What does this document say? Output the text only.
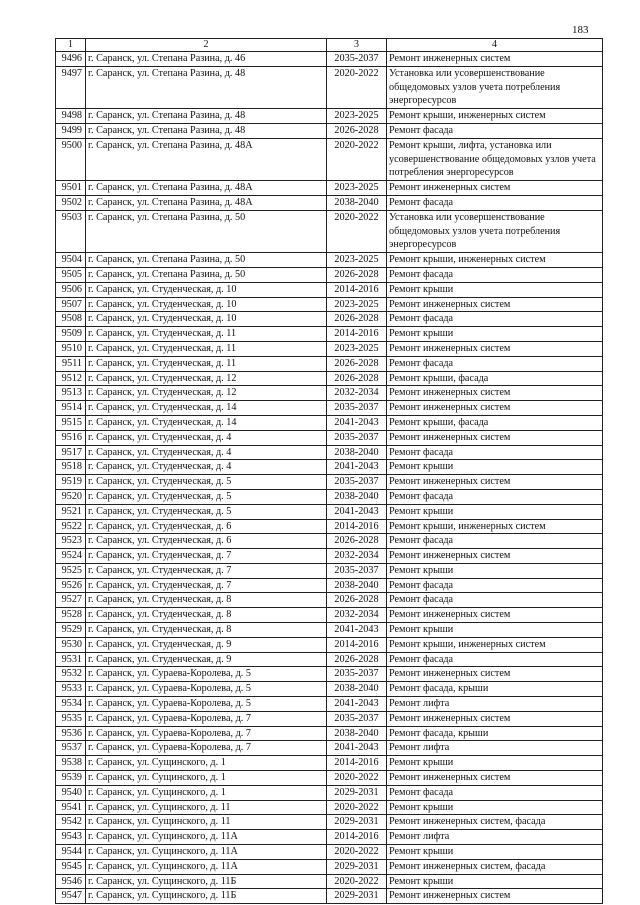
183
1	2	3	4
9496	г. Саранск, ул. Степана Разина, д. 46	2035-2037	Ремонт инженерных систем
9497	г. Саранск, ул. Степана Разина, д. 48	2020-2022	Установка или усовершенствование общедомовых узлов учета потребления энергоресурсов
9498	г. Саранск, ул. Степана Разина, д. 48	2023-2025	Ремонт крыши, инженерных систем
9499	г. Саранск, ул. Степана Разина, д. 48	2026-2028	Ремонт фасада
9500	г. Саранск, ул. Степана Разина, д. 48А	2020-2022	Ремонт крыши, лифта, установка или усовершенствование общедомовых узлов учета потребления энергоресурсов
9501	г. Саранск, ул. Степана Разина, д. 48А	2023-2025	Ремонт инженерных систем
9502	г. Саранск, ул. Степана Разина, д. 48А	2038-2040	Ремонт фасада
9503	г. Саранск, ул. Степана Разина, д. 50	2020-2022	Установка или усовершенствование общедомовых узлов учета потребления энергоресурсов
9504	г. Саранск, ул. Степана Разина, д. 50	2023-2025	Ремонт крыши, инженерных систем
9505	г. Саранск, ул. Степана Разина, д. 50	2026-2028	Ремонт фасада
9506	г. Саранск, ул. Студенческая, д. 10	2014-2016	Ремонт крыши
9507	г. Саранск, ул. Студенческая, д. 10	2023-2025	Ремонт инженерных систем
9508	г. Саранск, ул. Студенческая, д. 10	2026-2028	Ремонт фасада
9509	г. Саранск, ул. Студенческая, д. 11	2014-2016	Ремонт крыши
9510	г. Саранск, ул. Студенческая, д. 11	2023-2025	Ремонт инженерных систем
9511	г. Саранск, ул. Студенческая, д. 11	2026-2028	Ремонт фасада
9512	г. Саранск, ул. Студенческая, д. 12	2026-2028	Ремонт крыши, фасада
9513	г. Саранск, ул. Студенческая, д. 12	2032-2034	Ремонт инженерных систем
9514	г. Саранск, ул. Студенческая, д. 14	2035-2037	Ремонт инженерных систем
9515	г. Саранск, ул. Студенческая, д. 14	2041-2043	Ремонт крыши, фасада
9516	г. Саранск, ул. Студенческая, д. 4	2035-2037	Ремонт инженерных систем
9517	г. Саранск, ул. Студенческая, д. 4	2038-2040	Ремонт фасада
9518	г. Саранск, ул. Студенческая, д. 4	2041-2043	Ремонт крыши
9519	г. Саранск, ул. Студенческая, д. 5	2035-2037	Ремонт инженерных систем
9520	г. Саранск, ул. Студенческая, д. 5	2038-2040	Ремонт фасада
9521	г. Саранск, ул. Студенческая, д. 5	2041-2043	Ремонт крыши
9522	г. Саранск, ул. Студенческая, д. 6	2014-2016	Ремонт крыши, инженерных систем
9523	г. Саранск, ул. Студенческая, д. 6	2026-2028	Ремонт фасада
9524	г. Саранск, ул. Студенческая, д. 7	2032-2034	Ремонт инженерных систем
9525	г. Саранск, ул. Студенческая, д. 7	2035-2037	Ремонт крыши
9526	г. Саранск, ул. Студенческая, д. 7	2038-2040	Ремонт фасада
9527	г. Саранск, ул. Студенческая, д. 8	2026-2028	Ремонт фасада
9528	г. Саранск, ул. Студенческая, д. 8	2032-2034	Ремонт инженерных систем
9529	г. Саранск, ул. Студенческая, д. 8	2041-2043	Ремонт крыши
9530	г. Саранск, ул. Студенческая, д. 9	2014-2016	Ремонт крыши, инженерных систем
9531	г. Саранск, ул. Студенческая, д. 9	2026-2028	Ремонт фасада
9532	г. Саранск, ул. Сураева-Королева, д. 5	2035-2037	Ремонт инженерных систем
9533	г. Саранск, ул. Сураева-Королева, д. 5	2038-2040	Ремонт фасада, крыши
9534	г. Саранск, ул. Сураева-Королева, д. 5	2041-2043	Ремонт лифта
9535	г. Саранск, ул. Сураева-Королева, д. 7	2035-2037	Ремонт инженерных систем
9536	г. Саранск, ул. Сураева-Королева, д. 7	2038-2040	Ремонт фасада, крыши
9537	г. Саранск, ул. Сураева-Королева, д. 7	2041-2043	Ремонт лифта
9538	г. Саранск, ул. Сущинского, д. 1	2014-2016	Ремонт крыши
9539	г. Саранск, ул. Сущинского, д. 1	2020-2022	Ремонт инженерных систем
9540	г. Саранск, ул. Сущинского, д. 1	2029-2031	Ремонт фасада
9541	г. Саранск, ул. Сущинского, д. 11	2020-2022	Ремонт крыши
9542	г. Саранск, ул. Сущинского, д. 11	2029-2031	Ремонт инженерных систем, фасада
9543	г. Саранск, ул. Сущинского, д. 11А	2014-2016	Ремонт лифта
9544	г. Саранск, ул. Сущинского, д. 11А	2020-2022	Ремонт крыши
9545	г. Саранск, ул. Сущинского, д. 11А	2029-2031	Ремонт инженерных систем, фасада
9546	г. Саранск, ул. Сущинского, д. 11Б	2020-2022	Ремонт крыши
9547	г. Саранск, ул. Сущинского, д. 11Б	2029-2031	Ремонт инженерных систем
